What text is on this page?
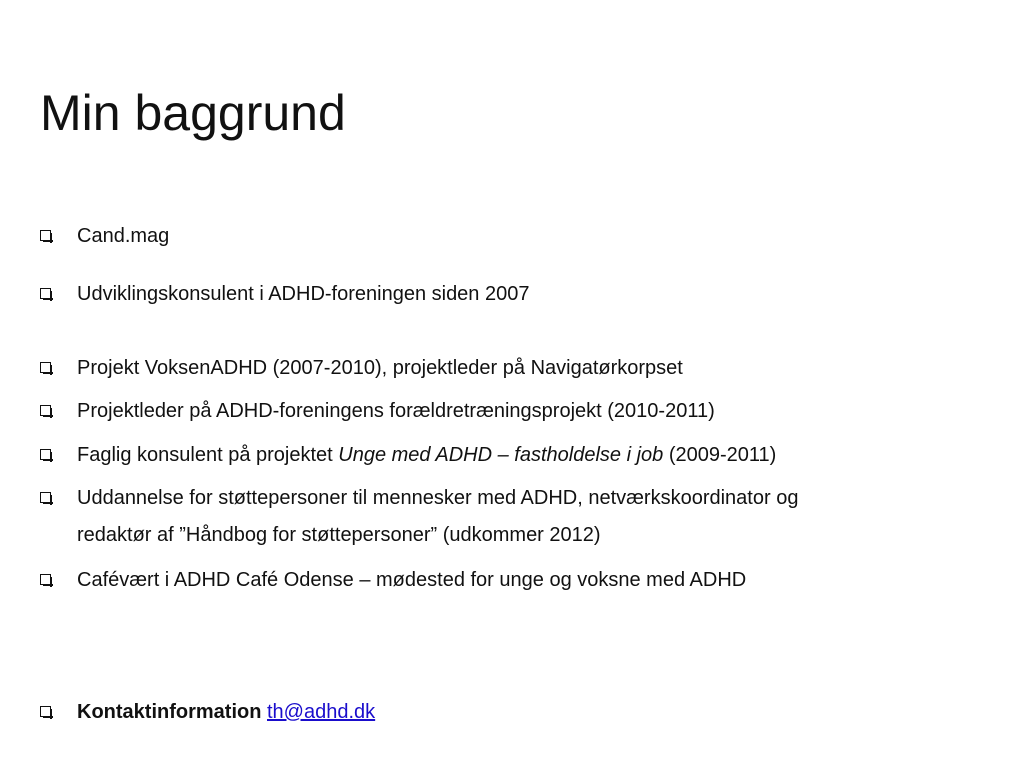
Min baggrund
Cand.mag
Udviklingskonsulent i ADHD-foreningen siden 2007
Projekt VoksenADHD (2007-2010), projektleder på Navigatørkorpset
Projektleder på ADHD-foreningens forældretræningsprojekt (2010-2011)
Faglig konsulent på projektet Unge med ADHD – fastholdelse i job (2009-2011)
Uddannelse for støttepersoner til mennesker med ADHD, netværkskoordinator og
redaktør af ”Håndbog for støttepersoner” (udkommer 2012)
Cafévært i ADHD Café Odense – mødested for unge og voksne med ADHD
Kontaktinformation th@adhd.dk
